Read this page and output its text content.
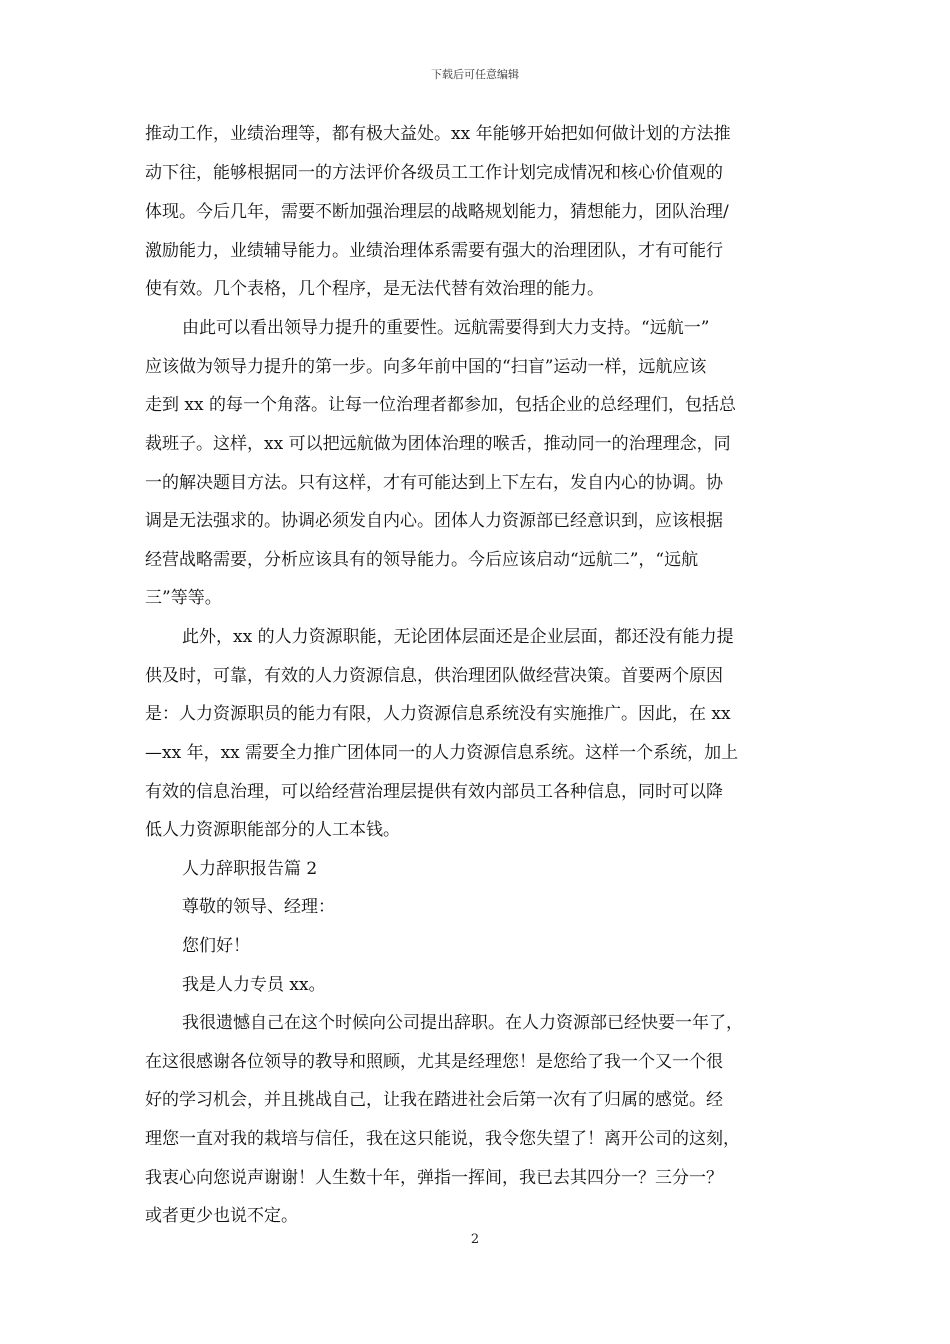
下载后可任意编辑
推动工作，业绩治理等，都有极大益处。xx 年能够开始把如何做计划的方法推
动下往，能够根据同一的方法评价各级员工工作计划完成情况和核心价值观的
体现。今后几年，需要不断加强治理层的战略规划能力，猜想能力，团队治理/
激励能力，业绩辅导能力。业绩治理体系需要有强大的治理团队，才有可能行
使有效。几个表格，几个程序，是无法代替有效治理的能力。
由此可以看出领导力提升的重要性。远航需要得到大力支持。“远航一”
应该做为领导力提升的第一步。向多年前中国的“扫盲”运动一样，远航应该
走到 xx 的每一个角落。让每一位治理者都参加，包括企业的总经理们，包括总
裁班子。这样，xx 可以把远航做为团体治理的喉舌，推动同一的治理理念，同
一的解决题目方法。只有这样，才有可能达到上下左右，发自内心的协调。协
调是无法强求的。协调必须发自内心。团体人力资源部已经意识到，应该根据
经营战略需要，分析应该具有的领导能力。今后应该启动“远航二”，“远航
三”等等。
此外，xx 的人力资源职能，无论团体层面还是企业层面，都还没有能力提
供及时，可靠，有效的人力资源信息，供治理团队做经营决策。首要两个原因
是：人力资源职员的能力有限，人力资源信息系统没有实施推广。因此，在 xx
—xx 年，xx 需要全力推广团体同一的人力资源信息系统。这样一个系统，加上
有效的信息治理，可以给经营治理层提供有效内部员工各种信息，同时可以降
低人力资源职能部分的人工本钱。
人力辞职报告篇 2
尊敬的领导、经理：
您们好！
我是人力专员 xx。
我很遗憾自己在这个时候向公司提出辞职。在人力资源部已经快要一年了，
在这很感谢各位领导的教导和照顾，尤其是经理您！是您给了我一个又一个很
好的学习机会，并且挑战自己，让我在踏进社会后第一次有了归属的感觉。经
理您一直对我的栽培与信任，我在这只能说，我令您失望了！离开公司的这刻，
我衷心向您说声谢谢！人生数十年，弹指一挥间，我已去其四分一？三分一？
或者更少也说不定。
2
